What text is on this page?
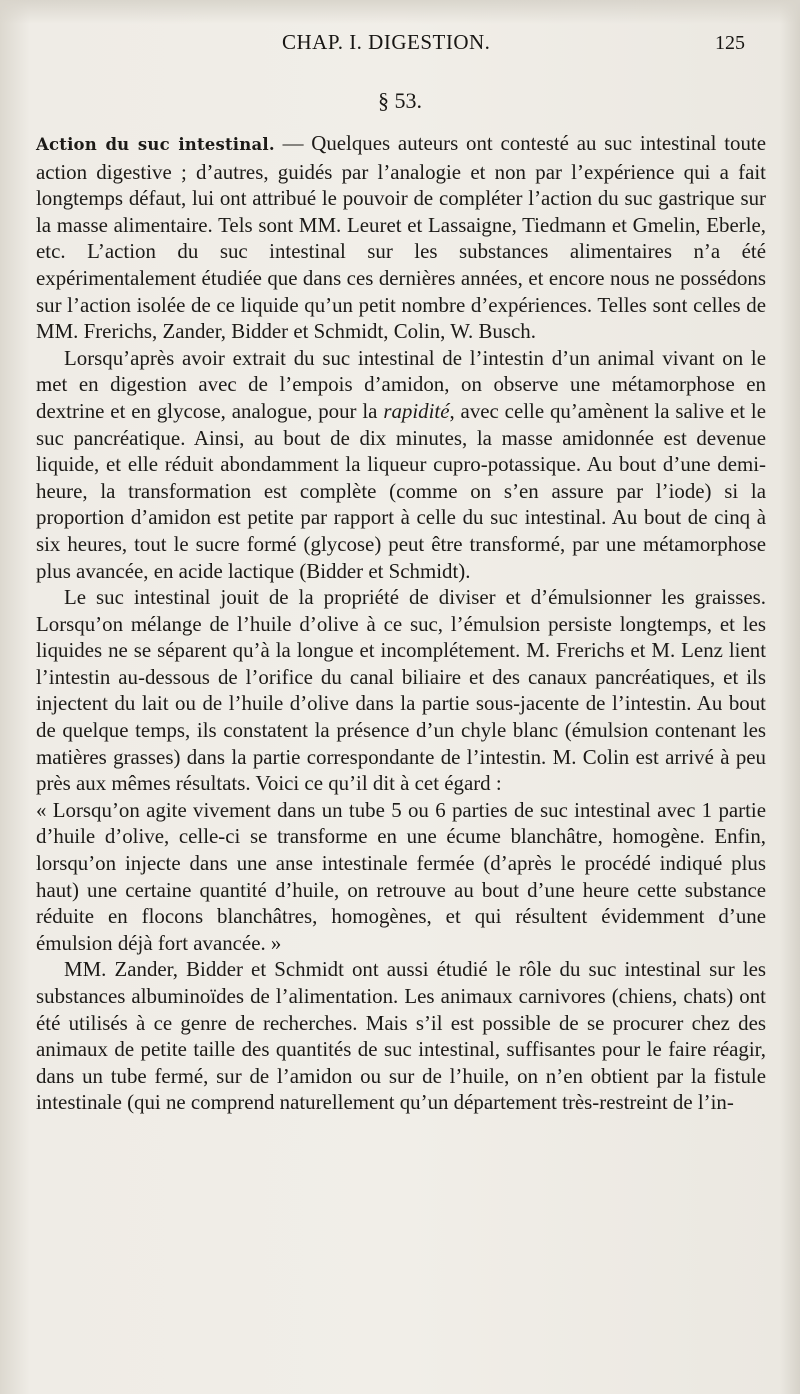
CHAP. I. DIGESTION.	125
§ 53.

Action du suc intestinal. — Quelques auteurs ont contesté au suc intestinal toute action digestive ; d’autres, guidés par l’analogie et non par l’expérience qui a fait longtemps défaut, lui ont attribué le pouvoir de compléter l’action du suc gastrique sur la masse alimentaire. Tels sont MM. Leuret et Lassaigne, Tiedmann et Gmelin, Eberle, etc. L’action du suc intestinal sur les substances alimentaires n’a été expérimentalement étudiée que dans ces dernières années, et encore nous ne possédons sur l’action isolée de ce liquide qu’un petit nombre d’expériences. Telles sont celles de MM. Frerichs, Zander, Bidder et Schmidt, Colin, W. Busch.

Lorsqu’après avoir extrait du suc intestinal de l’intestin d’un animal vivant on le met en digestion avec de l’empois d’amidon, on observe une métamorphose en dextrine et en glycose, analogue, pour la rapidité, avec celle qu’amènent la salive et le suc pancréatique. Ainsi, au bout de dix minutes, la masse amidonnée est devenue liquide, et elle réduit abondamment la liqueur cupro-potassique. Au bout d’une demi-heure, la transformation est complète (comme on s’en assure par l’iode) si la proportion d’amidon est petite par rapport à celle du suc intestinal. Au bout de cinq à six heures, tout le sucre formé (glycose) peut être transformé, par une métamorphose plus avancée, en acide lactique (Bidder et Schmidt).

Le suc intestinal jouit de la propriété de diviser et d’émulsionner les graisses. Lorsqu’on mélange de l’huile d’olive à ce suc, l’émulsion persiste longtemps, et les liquides ne se séparent qu’à la longue et incomplétement. M. Frerichs et M. Lenz lient l’intestin au-dessous de l’orifice du canal biliaire et des canaux pancréatiques, et ils injectent du lait ou de l’huile d’olive dans la partie sous-jacente de l’intestin. Au bout de quelque temps, ils constatent la présence d’un chyle blanc (émulsion contenant les matières grasses) dans la partie correspondante de l’intestin. M. Colin est arrivé à peu près aux mêmes résultats. Voici ce qu’il dit à cet égard :

« Lorsqu’on agite vivement dans un tube 5 ou 6 parties de suc intestinal avec 1 partie d’huile d’olive, celle-ci se transforme en une écume blanchâtre, homogène. Enfin, lorsqu’on injecte dans une anse intestinale fermée (d’après le procédé indiqué plus haut) une certaine quantité d’huile, on retrouve au bout d’une heure cette substance réduite en flocons blanchâtres, homogènes, et qui résultent évidemment d’une émulsion déjà fort avancée. »

MM. Zander, Bidder et Schmidt ont aussi étudié le rôle du suc intestinal sur les substances albuminoïdes de l’alimentation. Les animaux carnivores (chiens, chats) ont été utilisés à ce genre de recherches. Mais s’il est possible de se procurer chez des animaux de petite taille des quantités de suc intestinal, suffisantes pour le faire réagir, dans un tube fermé, sur de l’amidon ou sur de l’huile, on n’en obtient par la fistule intestinale (qui ne comprend naturellement qu’un département très-restreint de l’in-
